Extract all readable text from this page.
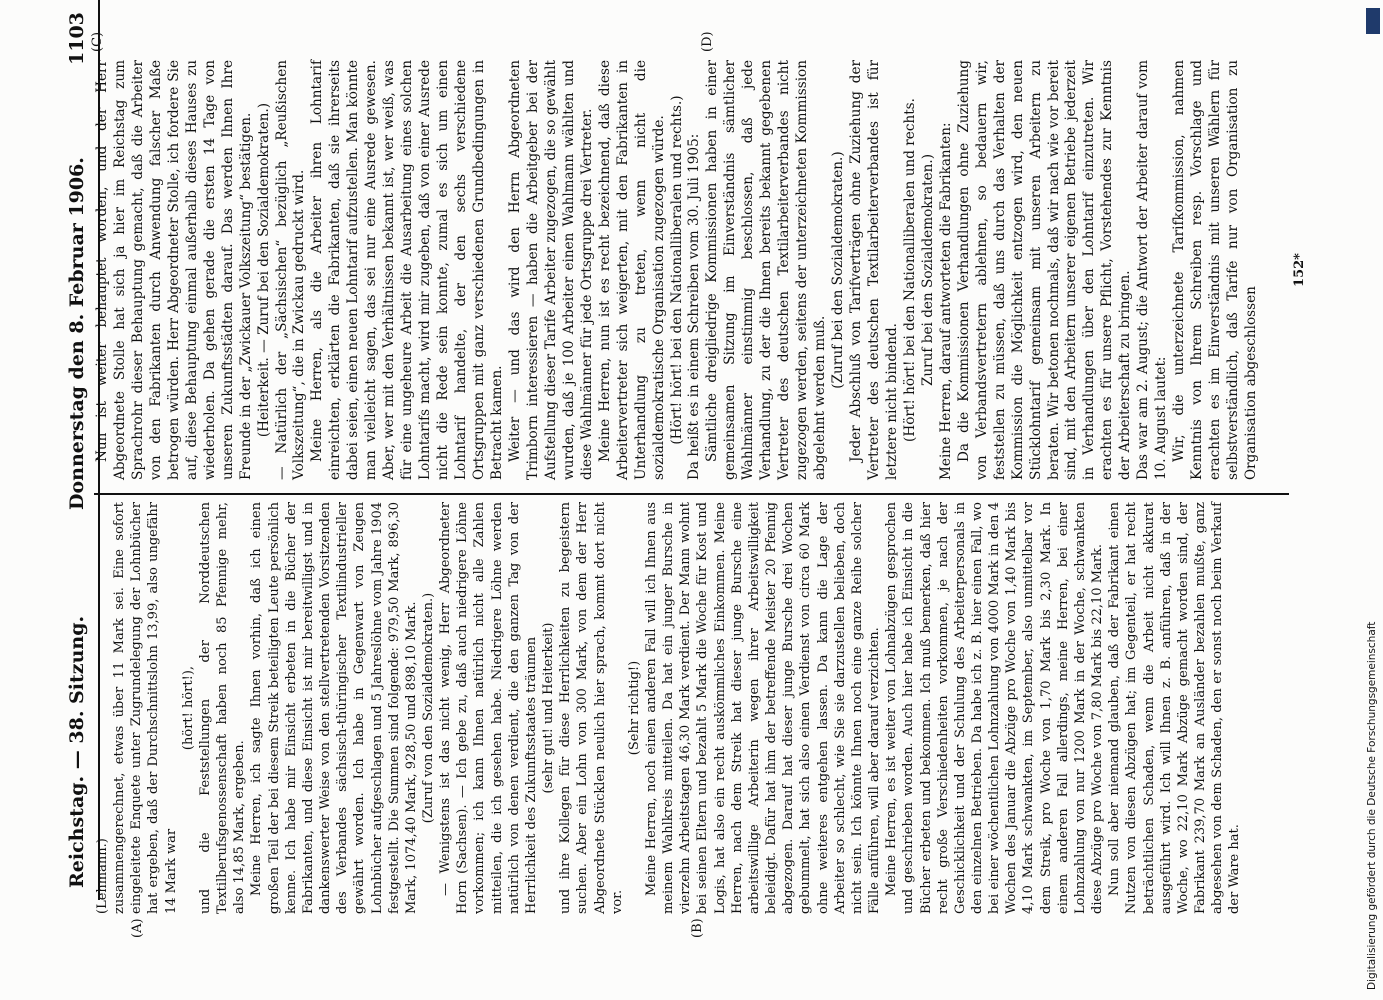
Reichstag. — 38. Sitzung.
Donnerstag den 8. Februar 1906.
1103
(A)	(B)
(C)	(D)

(Lehmann.) zusammengerechnet, etwas über 11 Mark sei. Eine sofort eingeleitete Enquete unter Zugrundelegung der Lohnbücher hat ergeben, daß der Durchschnittslohn 13,99, also ungefähr 14 Mark war

(hört! hört!), und die Feststellungen der Norddeutschen Textilberufsgenossenschaft haben noch 85 Pfennige mehr, also 14,85 Mark, ergeben. Meine Herren, ich sagte Ihnen vorhin, daß ich einen großen Teil der bei diesem Streik beteiligten Leute persönlich kenne. Ich habe mir Einsicht erbeten in die Bücher der Fabrikanten, und diese Einsicht ist mir bereitwilligst und in dankenswerter Weise von den stellvertretenden Vorsitzenden des Verbandes sächsisch-thüringischer Textilindustrieller gewährt worden. Ich habe in Gegenwart von Zeugen Lohnbücher aufgeschlagen und 5 Jahreslöhne vom Jahre 1904 festgestellt. Die Summen sind folgende: 979,50 Mark, 896,30 Mark, 1074,40 Mark, 928,50 und 898,10 Mark. (Zuruf von den Sozialdemokraten.) — Wenigstens ist das nicht wenig, Herr Abgeordneter Horn (Sachsen). — Ich gebe zu, daß auch niedrigere Löhne vorkommen; ich kann Ihnen natürlich nicht alle Zahlen mitteilen, die ich gesehen habe. Niedrigere Löhne werden natürlich von denen verdient, die den ganzen Tag von der Herrlichkeit des Zukunftsstaates träumen (sehr gut! und Heiterkeit) und ihre Kollegen für diese Herrlichkeiten zu begeistern suchen. Aber ein Lohn von 300 Mark, von dem der Herr Abgeordnete Stücklen neulich hier sprach, kommt dort nicht vor.

(Sehr richtig!) Meine Herren, noch einen anderen Fall will ich Ihnen aus meinem Wahlkreis mitteilen. Da hat ein junger Bursche in vierzehn Arbeitstagen 46,30 Mark verdient. Der Mann wohnt bei seinen Eltern und bezahlt 5 Mark die Woche für Kost und Logis, hat also ein recht auskömmliches Einkommen. Meine Herren, nach dem Streik hat dieser junge Bursche eine arbeitswillige Arbeiterin wegen ihrer Arbeitswilligkeit beleidigt. Dafür hat ihm der betreffende Meister 20 Pfennig abgezogen. Darauf hat dieser junge Bursche drei Wochen gebummelt, hat sich also einen Verdienst von circa 60 Mark ohne weiteres entgehen lassen. Da kann die Lage der Arbeiter so schlecht, wie Sie sie darzustellen belieben, doch nicht sein. Ich könnte Ihnen noch eine ganze Reihe solcher Fälle anführen, will aber darauf verzichten. Meine Herren, es ist weiter von Lohnabzügen gesprochen und geschrieben worden. Auch hier habe ich Einsicht in die Bücher erbeten und bekommen. Ich muß bemerken, daß hier recht große Verschiedenheiten vorkommen, je nach der Geschicklichkeit und der Schulung des Arbeiterpersonals in den einzelnen Betrieben. Da habe ich z. B. hier einen Fall, wo bei einer wöchentlichen Lohnzahlung von 4000 Mark in den 4 Wochen des Januar die Abzüge pro Woche von 1,40 Mark bis 4,10 Mark schwankten, im September, also unmittelbar vor dem Streik, pro Woche von 1,70 Mark bis 2,30 Mark. In einem anderen Fall allerdings, meine Herren, bei einer Lohnzahlung von nur 1200 Mark in der Woche, schwankten diese Abzüge pro Woche von 7,80 Mark bis 22,10 Mark. Nun soll aber niemand glauben, daß der Fabrikant einen Nutzen von diesen Abzügen hat; im Gegenteil, er hat recht beträchtlichen Schaden, wenn die Arbeit nicht akkurat ausgeführt wird. Ich will Ihnen z. B. anführen, daß in der Woche, wo 22,10 Mark Abzüge gemacht worden sind, der Fabrikant 239,70 Mark an Ausländer bezahlen mußte, ganz abgesehen von dem Schaden, den er sonst noch beim Verkauf der Ware hat.

Nun ist weiter behauptet worden, und der Herr Abgeordnete Stolle hat sich ja hier im Reichstag zum Sprachrohr dieser Behauptung gemacht, daß die Arbeiter von den Fabrikanten durch Anwendung falscher Maße betrogen würden. Herr Abgeordneter Stolle, ich fordere Sie auf, diese Behauptung einmal außerhalb dieses Hauses zu wiederholen. Da gehen gerade die ersten 14 Tage von unseren Zukunftsstädten darauf. Das werden Ihnen Ihre Freunde in der „Zwickauer Volkszeitung“ bestätigen. (Heiterkeit. — Zuruf bei den Sozialdemokraten.) — Natürlich der „Sächsischen“ bezüglich „Reußischen Volkszeitung“, die in Zwickau gedruckt wird. Meine Herren, als die Arbeiter ihren Lohntarif einreichten, erklärten die Fabrikanten, daß sie ihrerseits dabei seien, einen neuen Lohntarif aufzustellen. Man könnte man vielleicht sagen, das sei nur eine Ausrede gewesen. Aber, wer mit den Verhältnissen bekannt ist, wer weiß, was für eine ungeheure Arbeit die Ausarbeitung eines solchen Lohntarifs macht, wird mir zugeben, daß von einer Ausrede nicht die Rede sein konnte, zumal es sich um einen Lohntarif handelte, der den sechs verschiedene Ortsgruppen mit ganz verschiedenen Grundbedingungen in Betracht kamen. Weiter — und das wird den Herrn Abgeordneten Trimborn interessieren — haben die Arbeitgeber bei der Aufstellung dieser Tarife Arbeiter zugezogen, die so gewählt wurden, daß je 100 Arbeiter einen Wahlmann wählten und diese Wahlmänner für jede Ortsgruppe drei Vertreter. Meine Herren, nun ist es recht bezeichnend, daß diese Arbeitervertreter sich weigerten, mit den Fabrikanten in Unterhandlung zu treten, wenn nicht die sozialdemokratische Organisation zugezogen würde. (Hört! hört! bei den Nationalliberalen und rechts.) Da heißt es in einem Schreiben vom 30. Juli 1905: Sämtliche dreigliedrige Kommissionen haben in einer gemeinsamen Sitzung im Einverständnis sämtlicher Wahlmänner einstimmig beschlossen, daß jede Verhandlung, zu der die Ihnen bereits bekannt gegebenen Vertreter des deutschen Textilarbeiterverbandes nicht zugezogen werden, seitens der unterzeichneten Kommission abgelehnt werden muß.

(Zuruf bei den Sozialdemokraten.) Jeder Abschluß von Tarifverträgen ohne Zuziehung der Vertreter des deutschen Textilarbeiterverbandes ist für letztere nicht bindend. (Hört! hört! bei den Nationalliberalen und rechts. Zuruf bei den Sozialdemokraten.) Meine Herren, darauf antworteten die Fabrikanten: Da die Kommissionen Verhandlungen ohne Zuziehung von Verbandsvertretern ablehnen, so bedauern wir, feststellen zu müssen, daß uns durch das Verhalten der Kommission die Möglichkeit entzogen wird, den neuen Stücklohntarif gemeinsam mit unseren Arbeitern zu beraten. Wir betonen nochmals, daß wir nach wie vor bereit sind, mit den Arbeitern unserer eigenen Betriebe jederzeit in Verhandlungen über den Lohntarif einzutreten. Wir erachten es für unsere Pflicht, Vorstehendes zur Kenntnis der Arbeiterschaft zu bringen. Das war am 2. August; die Antwort der Arbeiter darauf vom 10. August lautet: Wir, die unterzeichnete Tarifkommission, nahmen Kenntnis von Ihrem Schreiben resp. Vorschlage und erachten es im Einverständnis mit unseren Wählern für selbstverständlich, daß Tarife nur von Organisation zu Organisation abgeschlossen

152*
Digitalisierung gefördert durch die Deutsche Forschungsgemeinschaft
